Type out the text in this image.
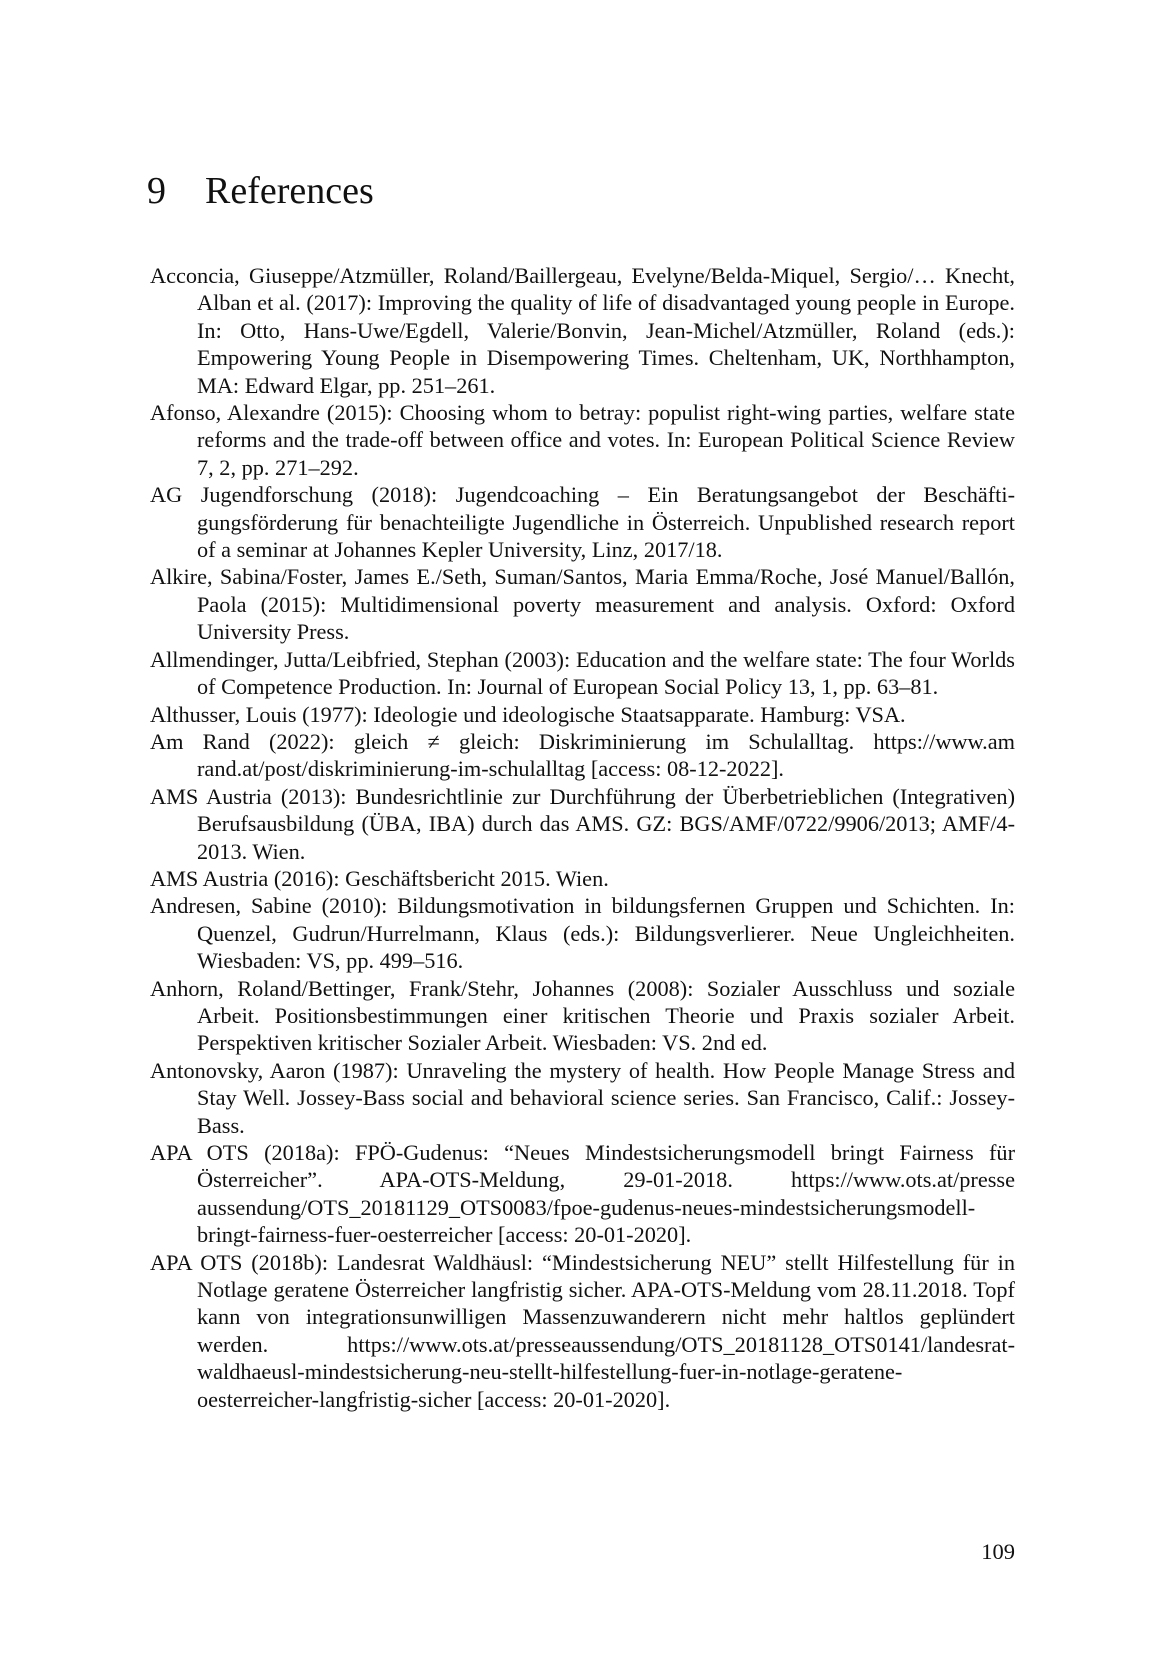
9 References
Acconcia, Giuseppe/Atzmüller, Roland/Baillergeau, Evelyne/Belda-Miquel, Sergio/… Knecht, Alban et al. (2017): Improving the quality of life of disadvantaged young people in Europe. In: Otto, Hans-Uwe/Egdell, Valerie/Bonvin, Jean-Michel/Atzmüller, Roland (eds.): Empowering Young People in Disempowering Times. Cheltenham, UK, Northhampton, MA: Edward Elgar, pp. 251–261.
Afonso, Alexandre (2015): Choosing whom to betray: populist right-wing parties, welfare state reforms and the trade-off between office and votes. In: European Political Science Review 7, 2, pp. 271–292.
AG Jugendforschung (2018): Jugendcoaching – Ein Beratungsangebot der Beschäftigungsförderung für benachteiligte Jugendliche in Österreich. Unpublished research report of a seminar at Johannes Kepler University, Linz, 2017/18.
Alkire, Sabina/Foster, James E./Seth, Suman/Santos, Maria Emma/Roche, José Manuel/Ballón, Paola (2015): Multidimensional poverty measurement and analysis. Oxford: Oxford University Press.
Allmendinger, Jutta/Leibfried, Stephan (2003): Education and the welfare state: The four Worlds of Competence Production. In: Journal of European Social Policy 13, 1, pp. 63–81.
Althusser, Louis (1977): Ideologie und ideologische Staatsapparate. Hamburg: VSA.
Am Rand (2022): gleich ≠ gleich: Diskriminierung im Schulalltag. https://www.am​rand.at/post/diskriminierung-im-schulalltag [access: 08-12-2022].
AMS Austria (2013): Bundesrichtlinie zur Durchführung der Überbetrieblichen (Integrativen) Berufsausbildung (ÜBA, IBA) durch das AMS. GZ: BGS/AMF/0722/​9906/2013; AMF/4-2013. Wien.
AMS Austria (2016): Geschäftsbericht 2015. Wien.
Andresen, Sabine (2010): Bildungsmotivation in bildungsfernen Gruppen und Schichten. In: Quenzel, Gudrun/Hurrelmann, Klaus (eds.): Bildungsverlierer. Neue Ungleichheiten. Wiesbaden: VS, pp. 499–516.
Anhorn, Roland/Bettinger, Frank/Stehr, Johannes (2008): Sozialer Ausschluss und soziale Arbeit. Positionsbestimmungen einer kritischen Theorie und Praxis sozialer Arbeit. Perspektiven kritischer Sozialer Arbeit. Wiesbaden: VS. 2nd ed.
Antonovsky, Aaron (1987): Unraveling the mystery of health. How People Manage Stress and Stay Well. Jossey-Bass social and behavioral science series. San Francisco, Calif.: Jossey-Bass.
APA OTS (2018a): FPÖ-Gudenus: “Neues Mindestsicherungsmodell bringt Fairness für Österreicher”. APA-OTS-Meldung, 29-01-2018. https://www.ots.at/presse​aussendung/OTS_20181129_OTS0083/fpoe-gudenus-neues-mindestsicherungs​modell-bringt-fairness-fuer-oesterreicher [access: 20-01-2020].
APA OTS (2018b): Landesrat Waldhäusl: “Mindestsicherung NEU” stellt Hilfestellung für in Notlage geratene Österreicher langfristig sicher. APA-OTS-Meldung vom 28.11.2018. Topf kann von integrationsunwilligen Massenzuwanderern nicht mehr haltlos geplündert werden. https://www.ots.at/presseaussendung/OTS_2018112​8_OTS0141/landesrat-waldhaeusl-mindestsicherung-neu-stellt-hilfestellung-fuer-​in-notlage-geratene-oesterreicher-langfristig-sicher [access: 20-01-2020].
109
